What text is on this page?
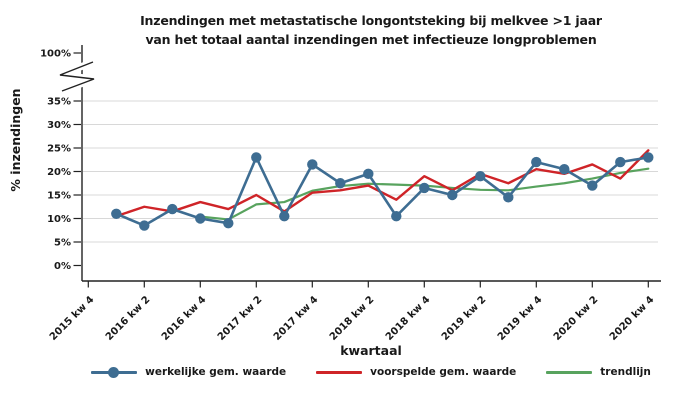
Inzendingen met metastatische longontsteking bij melkvee >1 jaar
van het totaal aantal inzendingen met infectieuze longproblemen
% inzendingen
0%
5%
10%
15%
20%
25%
30%
35%
100%
2015 kw 4 2016 kw 2 2016 kw 4 2017 kw 2 2017 kw 4 2018 kw 2 2018 kw 4 2019 kw 2 2019 kw 4 2020 kw 2 2020 kw 4
kwartaal
werkelijke gem. waarde	voorspelde gem. waarde	trendlijn
